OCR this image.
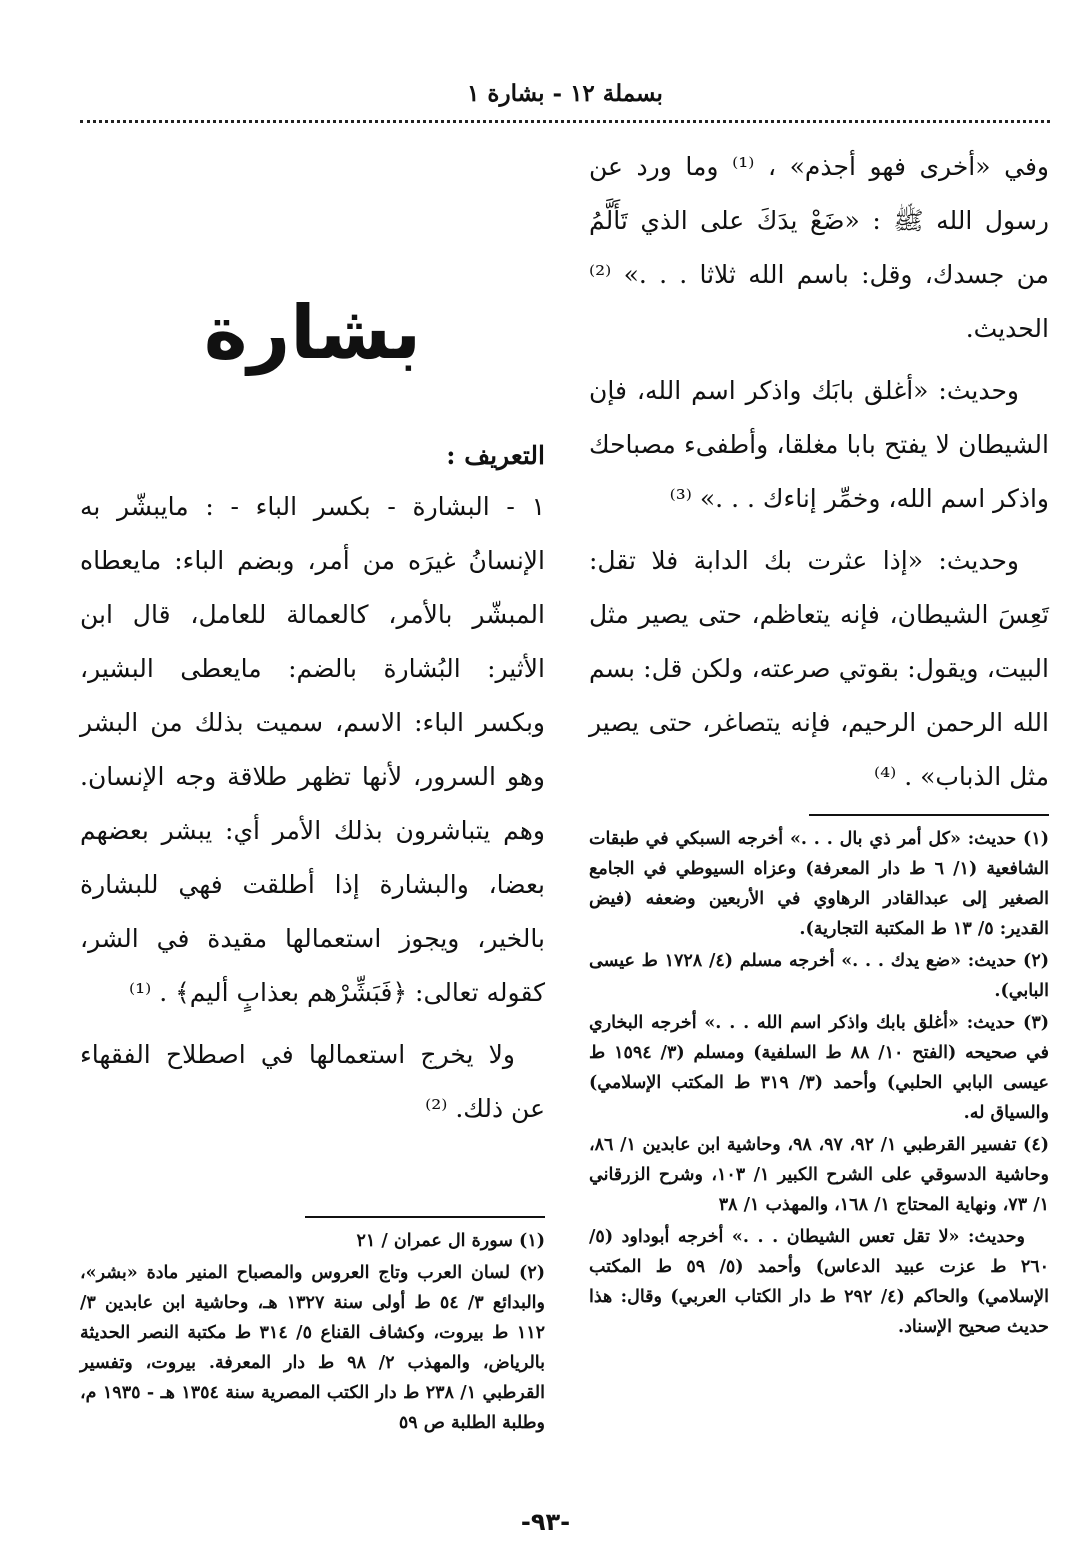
بسملة ١٢ - بشارة ١

وفي «أخرى فهو أجذم» ، ⁽¹⁾ وما ورد عن رسول الله ﷺ : «ضَعْ يدَكَ على الذي تَأَلَّمُ من جسدك، وقل: باسم الله ثلاثا . . .» ⁽²⁾ الحديث.

وحديث: «أغلق بابَك واذكر اسم الله، فإن الشيطان لا يفتح بابا مغلقا، وأطفىء مصباحك واذكر اسم الله، وخمِّر إناءك . . .» ⁽³⁾

وحديث: «إذا عثرت بك الدابة فلا تقل: تَعِسَ الشيطان، فإنه يتعاظم، حتى يصير مثل البيت، ويقول: بقوتي صرعته، ولكن قل: بسم الله الرحمن الرحيم، فإنه يتصاغر، حتى يصير مثل الذباب» . ⁽⁴⁾

(١) حديث: «كل أمر ذي بال . . .» أخرجه السبكي في طبقات الشافعية (١/ ٦ ط دار المعرفة) وعزاه السيوطي في الجامع الصغير إلى عبدالقادر الرهاوي في الأربعين وضعفه (فيض القدير: ٥/ ١٣ ط المكتبة التجارية).

(٢) حديث: «ضع يدك . . .» أخرجه مسلم (٤/ ١٧٢٨ ط عيسى البابي).

(٣) حديث: «أغلق بابك واذكر اسم الله . . .» أخرجه البخاري في صحيحه (الفتح ١٠/ ٨٨ ط السلفية) ومسلم (٣/ ١٥٩٤ ط عيسى البابي الحلبي) وأحمد (٣/ ٣١٩ ط المكتب الإسلامي) والسياق له.

(٤) تفسير القرطبي ١/ ٩٢، ٩٧، ٩٨، وحاشية ابن عابدين ١/ ٨٦، وحاشية الدسوقي على الشرح الكبير ١/ ١٠٣، وشرح الزرقاني ١/ ٧٣، ونهاية المحتاج ١/ ١٦٨، والمهذب ١/ ٣٨

وحديث: «لا تقل تعس الشيطان . . .» أخرجه أبوداود (٥/ ٢٦٠ ط عزت عبيد الدعاس) وأحمد (٥/ ٥٩ ط المكتب الإسلامي) والحاكم (٤/ ٢٩٢ ط دار الكتاب العربي) وقال: هذا حديث صحيح الإسناد.

بشارة
التعريف :

١ - البشارة - بكسر الباء - : مايبشّر به الإنسانُ غيرَه من أمر، وبضم الباء: مايعطاه المبشّر بالأمر، كالعمالة للعامل، قال ابن الأثير: البُشارة بالضم: مايعطى البشير، وبكسر الباء: الاسم، سميت بذلك من البشر وهو السرور، لأنها تظهر طلاقة وجه الإنسان. وهم يتباشرون بذلك الأمر أي: يبشر بعضهم بعضا، والبشارة إذا أطلقت فهي للبشارة بالخير، ويجوز استعمالها مقيدة في الشر، كقوله تعالى: ﴿فَبَشِّرْهم بعذابٍ أليم﴾ . ⁽¹⁾

ولا يخرج استعمالها في اصطلاح الفقهاء عن ذلك. ⁽²⁾

(١) سورة ال عمران / ٢١

(٢) لسان العرب وتاج العروس والمصباح المنير مادة «بشر»، والبدائع ٣/ ٥٤ ط أولى سنة ١٣٢٧ هـ، وحاشية ابن عابدين ٣/ ١١٢ ط بيروت، وكشاف القناع ٥/ ٣١٤ ط مكتبة النصر الحديثة بالرياض، والمهذب ٢/ ٩٨ ط دار المعرفة. بيروت، وتفسير القرطبي ١/ ٢٣٨ ط دار الكتب المصرية سنة ١٣٥٤ هـ - ١٩٣٥ م، وطلبة الطلبة ص ٥٩

-٩٣-
